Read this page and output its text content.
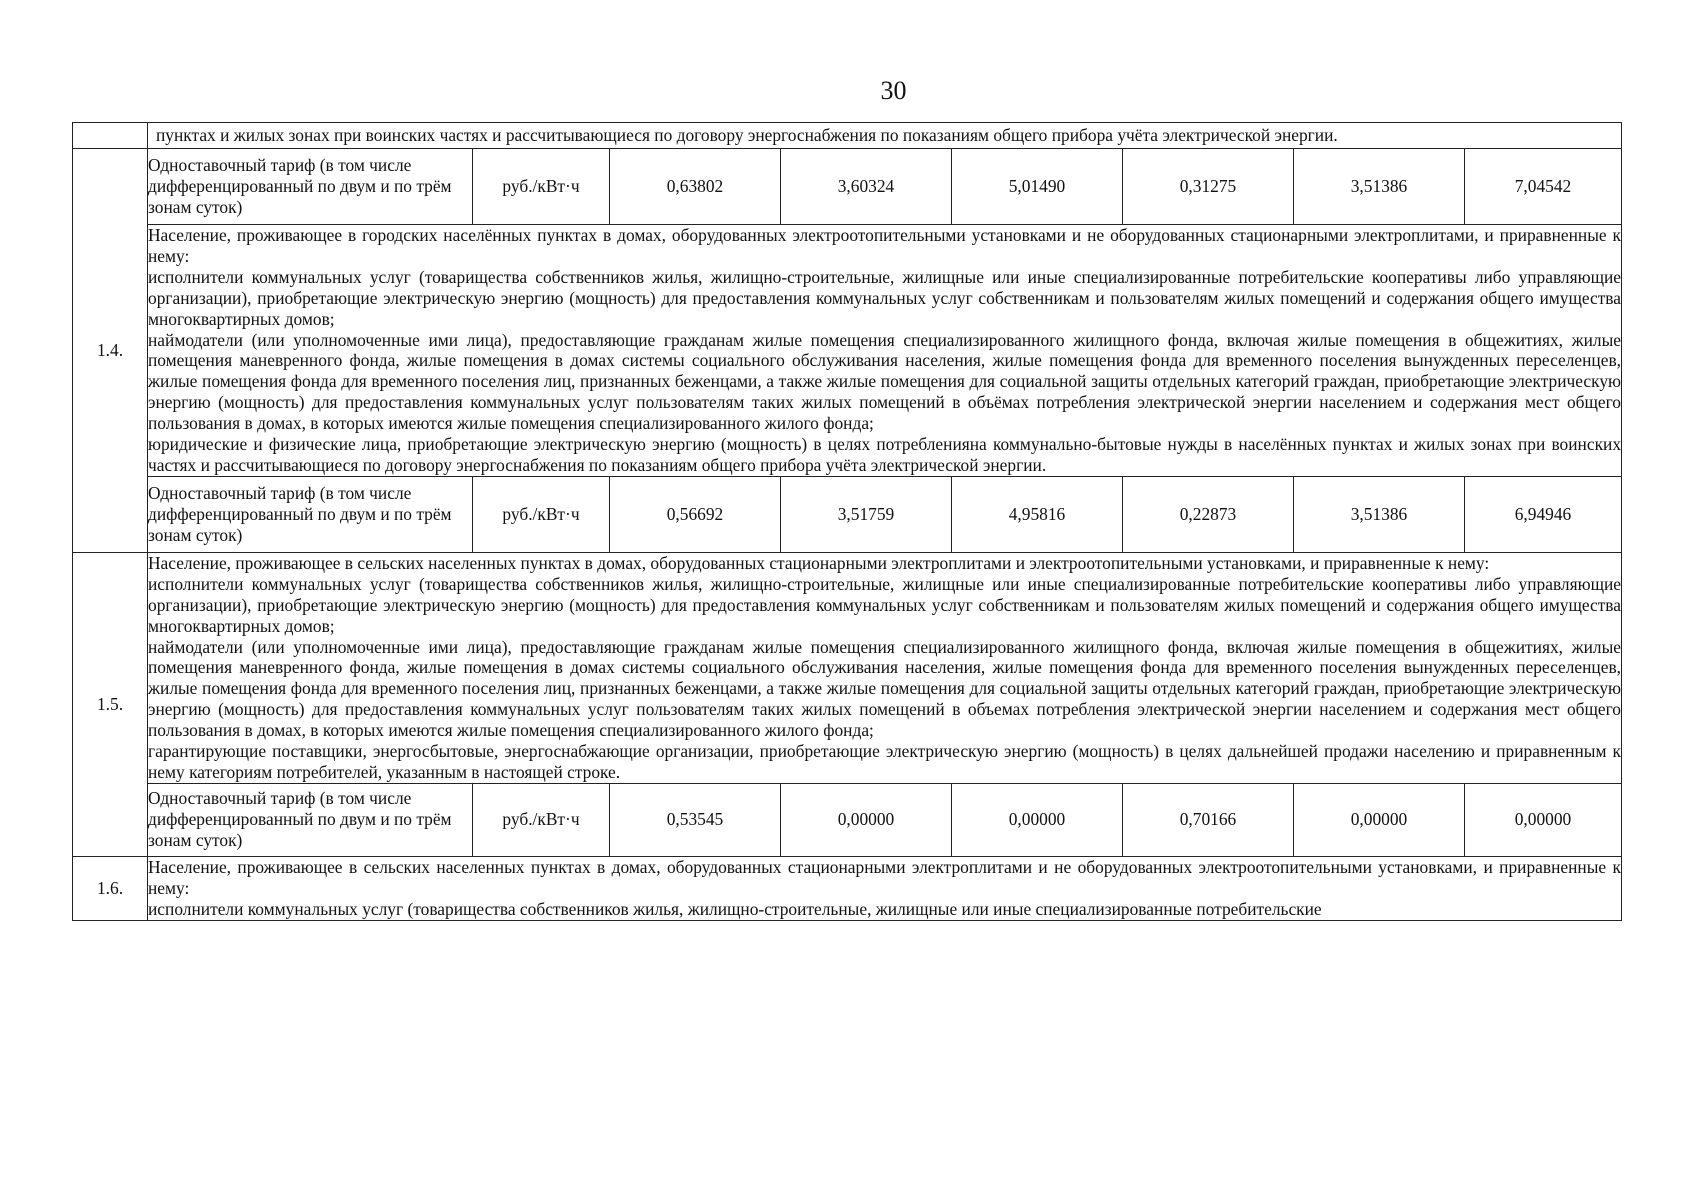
30
	пунктах и жилых зонах при воинских частях и рассчитывающиеся по договору энергоснабжения по показаниям общего прибора учёта электрической энергии.							
1.4.	Одноставочный тариф (в том числе дифференцированный по двум и по трём зонам суток)	руб./кВт·ч	0,63802	3,60324	5,01490	0,31275	3,51386	7,04542

	Население, проживающее в городских населённых пунктах в домах, оборудованных электроотопительными установками и не оборудованных стационарными электроплитами, и приравненные к нему:

исполнители коммунальных услуг (товарищества собственников жилья, жилищно-строительные, жилищные или иные специализированные потребительские кооперативы либо управляющие организации), приобретающие электрическую энергию (мощность) для предоставления коммунальных услуг собственникам и пользователям жилых помещений и содержания общего имущества многоквартирных домов;

наймодатели (или уполномоченные ими лица), предоставляющие гражданам жилые помещения специализированного жилищного фонда, включая жилые помещения в общежитиях, жилые помещения маневренного фонда, жилые помещения в домах системы социального обслуживания населения, жилые помещения фонда для временного поселения вынужденных переселенцев, жилые помещения фонда для временного поселения лиц, признанных беженцами, а также жилые помещения для социальной защиты отдельных категорий граждан, приобретающие электрическую энергию (мощность) для предоставления коммунальных услуг пользователям таких жилых помещений в объёмах потребления электрической энергии населением и содержания мест общего пользования в домах, в которых имеются жилые помещения специализированного жилого фонда;

юридические и физические лица, приобретающие электрическую энергию (мощность) в целях потребленияна коммунально-бытовые нужды в населённых пунктах и жилых зонах при воинских частях и рассчитывающиеся по договору энергоснабжения по показаниям общего прибора учёта электрической энергии.							

	Одноставочный тариф (в том числе дифференцированный по двум и по трём зонам суток)	руб./кВт·ч	0,56692	3,51759	4,95816	0,22873	3,51386	6,94946
1.5.	Население, проживающее в сельских населенных пунктах в домах, оборудованных стационарными электроплитами и электроотопительными установками, и приравненные к нему:

исполнители коммунальных услуг (товарищества собственников жилья, жилищно-строительные, жилищные или иные специализированные потребительские кооперативы либо управляющие организации), приобретающие электрическую энергию (мощность) для предоставления коммунальных услуг собственникам и пользователям жилых помещений и содержания общего имущества многоквартирных домов;

наймодатели (или уполномоченные ими лица), предоставляющие гражданам жилые помещения специализированного жилищного фонда, включая жилые помещения в общежитиях, жилые помещения маневренного фонда, жилые помещения в домах системы социального обслуживания населения, жилые помещения фонда для временного поселения вынужденных переселенцев, жилые помещения фонда для временного поселения лиц, признанных беженцами, а также жилые помещения для социальной защиты отдельных категорий граждан, приобретающие электрическую энергию (мощность) для предоставления коммунальных услуг пользователям таких жилых помещений в объемах потребления электрической энергии населением и содержания мест общего пользования в домах, в которых имеются жилые помещения специализированного жилого фонда;

гарантирующие поставщики, энергосбытовые, энергоснабжающие организации, приобретающие электрическую энергию (мощность) в целях дальнейшей продажи населению и приравненным к нему категориям потребителей, указанным в настоящей строке.							

	Одноставочный тариф (в том числе дифференцированный по двум и по трём зонам суток)	руб./кВт·ч	0,53545	0,00000	0,00000	0,70166	0,00000	0,00000
1.6.	Население, проживающее в сельских населенных пунктах в домах, оборудованных стационарными электроплитами и не оборудованных электроотопительными установками, и приравненные к нему:

исполнители коммунальных услуг (товарищества собственников жилья, жилищно-строительные, жилищные или иные специализированные потребительские							
